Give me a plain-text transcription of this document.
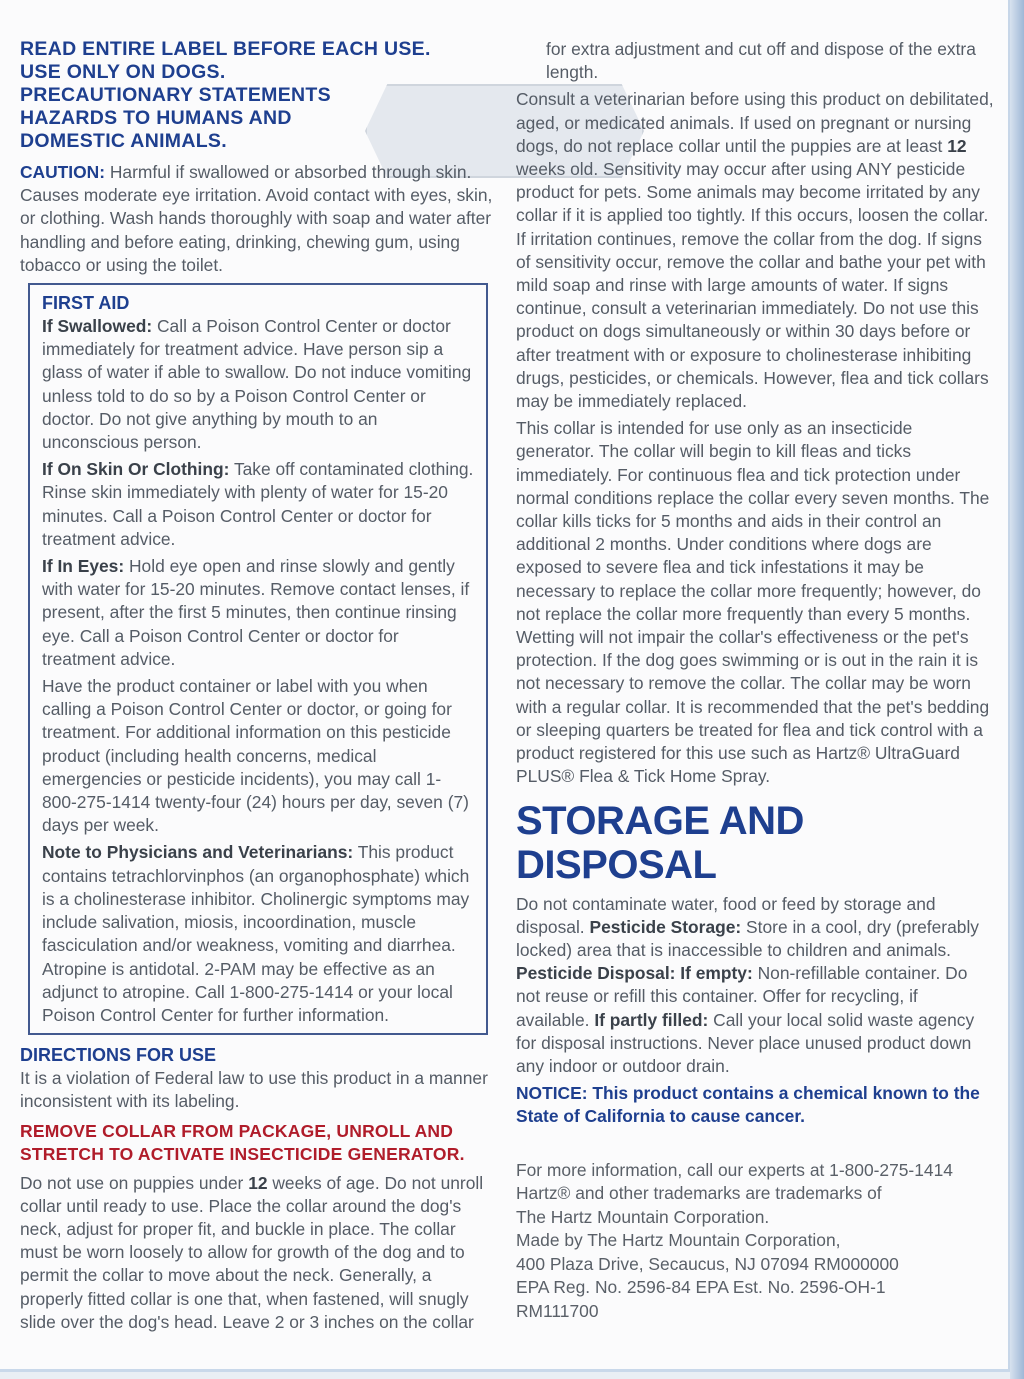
READ ENTIRE LABEL BEFORE EACH USE.
USE ONLY ON DOGS.
PRECAUTIONARY STATEMENTS
HAZARDS TO HUMANS AND
DOMESTIC ANIMALS.

CAUTION: Harmful if swallowed or absorbed through skin. Causes moderate eye irritation. Avoid contact with eyes, skin, or clothing. Wash hands thoroughly with soap and water after handling and before eating, drinking, chewing gum, using tobacco or using the toilet.

FIRST AID

If Swallowed: Call a Poison Control Center or doctor immediately for treatment advice. Have person sip a glass of water if able to swallow. Do not induce vomiting unless told to do so by a Poison Control Center or doctor. Do not give anything by mouth to an unconscious person.

If On Skin Or Clothing: Take off contaminated clothing. Rinse skin immediately with plenty of water for 15-20 minutes. Call a Poison Control Center or doctor for treatment advice.

If In Eyes: Hold eye open and rinse slowly and gently with water for 15-20 minutes. Remove contact lenses, if present, after the first 5 minutes, then continue rinsing eye. Call a Poison Control Center or doctor for treatment advice.

Have the product container or label with you when calling a Poison Control Center or doctor, or going for treatment. For additional information on this pesticide product (including health concerns, medical emergencies or pesticide incidents), you may call 1-800-275-1414 twenty-four (24) hours per day, seven (7) days per week.

Note to Physicians and Veterinarians: This product contains tetrachlorvinphos (an organophosphate) which is a cholinesterase inhibitor. Cholinergic symptoms may include salivation, miosis, incoordination, muscle fasciculation and/or weakness, vomiting and diarrhea. Atropine is antidotal. 2-PAM may be effective as an adjunct to atropine. Call 1-800-275-1414 or your local Poison Control Center for further information.

DIRECTIONS FOR USE

It is a violation of Federal law to use this product in a manner inconsistent with its labeling.

REMOVE COLLAR FROM PACKAGE, UNROLL AND STRETCH TO ACTIVATE INSECTICIDE GENERATOR.

Do not use on puppies under 12 weeks of age. Do not unroll collar until ready to use. Place the collar around the dog's neck, adjust for proper fit, and buckle in place. The collar must be worn loosely to allow for growth of the dog and to permit the collar to move about the neck. Generally, a properly fitted collar is one that, when fastened, will snugly slide over the dog's head. Leave 2 or 3 inches on the collar

for extra adjustment and cut off and dispose of the extra length.

Consult a veterinarian before using this product on debilitated, aged, or medicated animals. If used on pregnant or nursing dogs, do not replace collar until the puppies are at least 12 weeks old. Sensitivity may occur after using ANY pesticide product for pets. Some animals may become irritated by any collar if it is applied too tightly. If this occurs, loosen the collar. If irritation continues, remove the collar from the dog. If signs of sensitivity occur, remove the collar and bathe your pet with mild soap and rinse with large amounts of water. If signs continue, consult a veterinarian immediately. Do not use this product on dogs simultaneously or within 30 days before or after treatment with or exposure to cholinesterase inhibiting drugs, pesticides, or chemicals. However, flea and tick collars may be immediately replaced.

This collar is intended for use only as an insecticide generator. The collar will begin to kill fleas and ticks immediately. For continuous flea and tick protection under normal conditions replace the collar every seven months. The collar kills ticks for 5 months and aids in their control an additional 2 months. Under conditions where dogs are exposed to severe flea and tick infestations it may be necessary to replace the collar more frequently; however, do not replace the collar more frequently than every 5 months. Wetting will not impair the collar's effectiveness or the pet's protection. If the dog goes swimming or is out in the rain it is not necessary to remove the collar. The collar may be worn with a regular collar. It is recommended that the pet's bedding or sleeping quarters be treated for flea and tick control with a product registered for this use such as Hartz® UltraGuard PLUS® Flea & Tick Home Spray.

STORAGE AND DISPOSAL

Do not contaminate water, food or feed by storage and disposal. Pesticide Storage: Store in a cool, dry (preferably locked) area that is inaccessible to children and animals.

Pesticide Disposal: If empty: Non-refillable container. Do not reuse or refill this container. Offer for recycling, if available. If partly filled: Call your local solid waste agency for disposal instructions. Never place unused product down any indoor or outdoor drain.

NOTICE: This product contains a chemical known to the State of California to cause cancer.
For more information, call our experts at 1-800-275-1414
Hartz® and other trademarks are trademarks of
The Hartz Mountain Corporation.
Made by The Hartz Mountain Corporation,
400 Plaza Drive, Secaucus, NJ 07094 RM000000
EPA Reg. No. 2596-84 EPA Est. No. 2596-OH-1
RM111700
